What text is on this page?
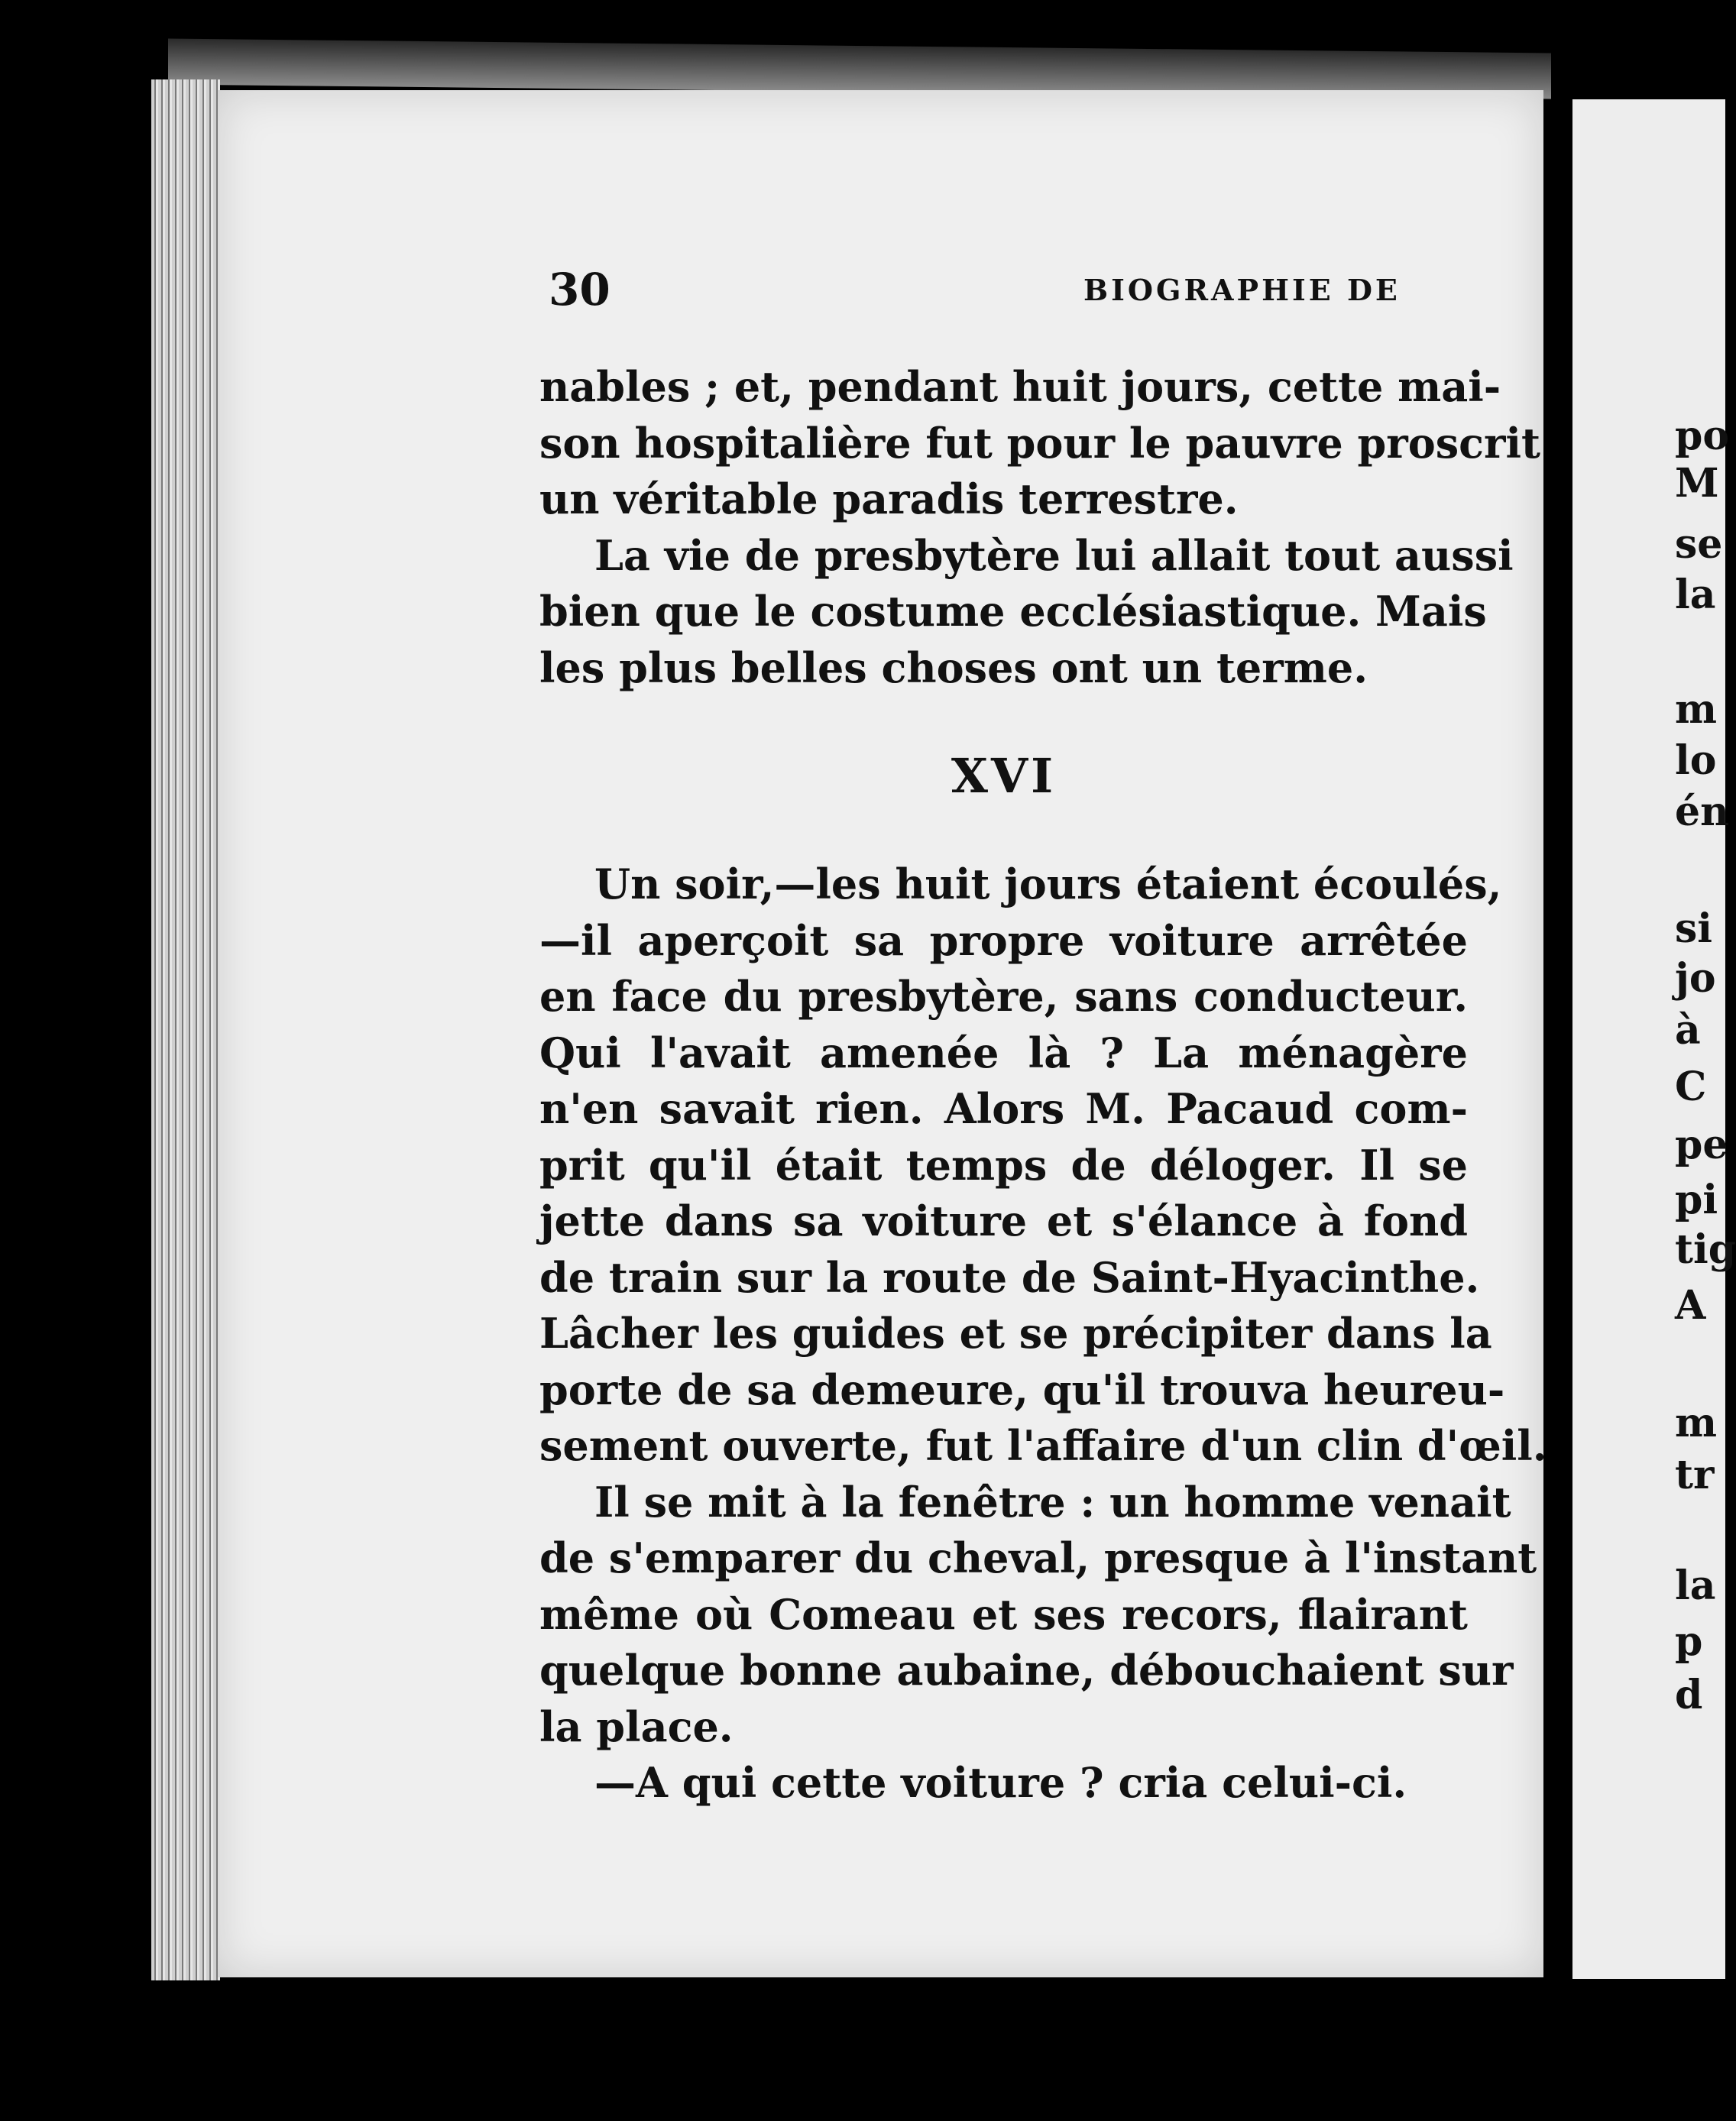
30	BIOGRAPHIE DE
nables ; et, pendant huit jours, cette mai-
son hospitalière fut pour le pauvre proscrit
un véritable paradis terrestre.
La vie de presbytère lui allait tout aussi
bien que le costume ecclésiastique. Mais
les plus belles choses ont un terme.
XVI
Un soir,—les huit jours étaient écoulés,
—il aperçoit sa propre voiture arrêtée
en face du presbytère, sans conducteur.
Qui l'avait amenée là ? La ménagère
n'en savait rien. Alors M. Pacaud com-
prit qu'il était temps de déloger. Il se
jette dans sa voiture et s'élance à fond
de train sur la route de Saint-Hyacinthe.
Lâcher les guides et se précipiter dans la
porte de sa demeure, qu'il trouva heureu-
sement ouverte, fut l'affaire d'un clin d'œil.
Il se mit à la fenêtre : un homme venait
de s'emparer du cheval, presque à l'instant
même où Comeau et ses recors, flairant
quelque bonne aubaine, débouchaient sur
la place.
—A qui cette voiture ? cria celui-ci.
po
M
se
la
m
lo
én
si
jo
à
C
pe
pi
tig
A
m
tr
la
p
d
